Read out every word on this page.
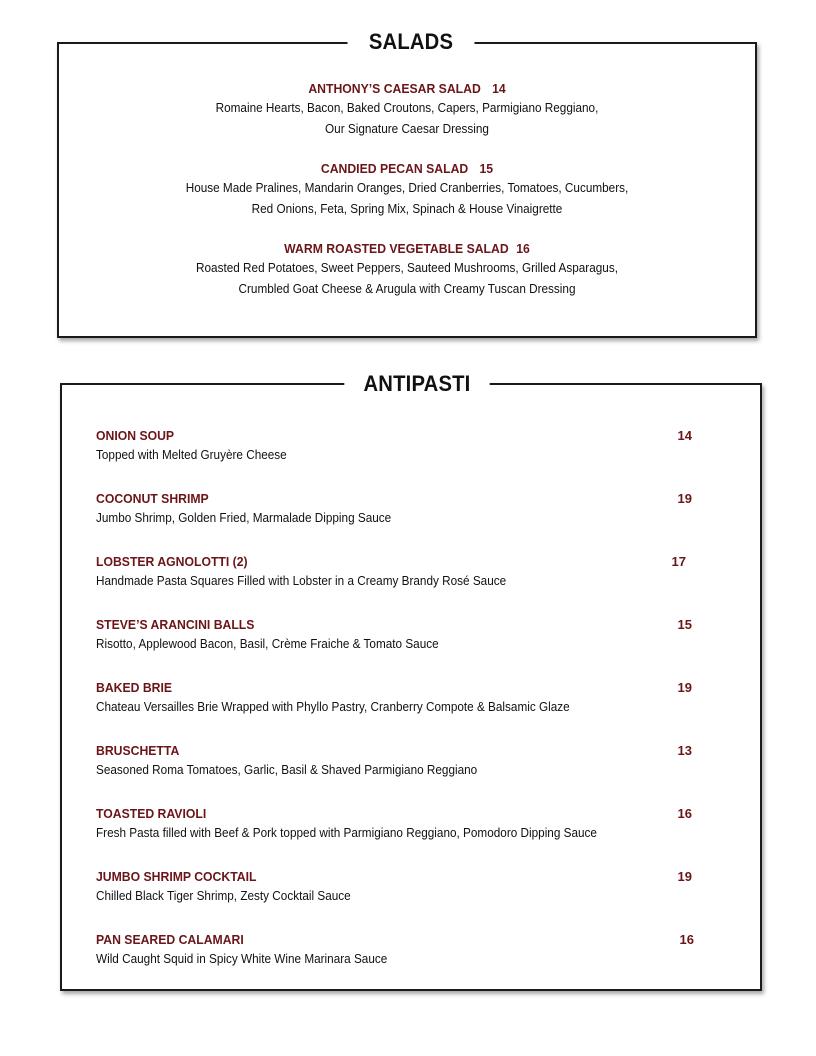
ANTHONY’S CAESAR SALAD 14
Romaine Hearts, Bacon, Baked Croutons, Capers, Parmigiano Reggiano,
Our Signature Caesar Dressing
CANDIED PECAN SALAD 15
House Made Pralines, Mandarin Oranges, Dried Cranberries, Tomatoes, Cucumbers,
Red Onions, Feta, Spring Mix, Spinach & House Vinaigrette
WARM ROASTED VEGETABLE SALAD 16
Roasted Red Potatoes, Sweet Peppers, Sauteed Mushrooms, Grilled Asparagus,
Crumbled Goat Cheese & Arugula with Creamy Tuscan Dressing
SALADS
ONION SOUP	14
Topped with Melted Gruyère Cheese
COCONUT SHRIMP	19
Jumbo Shrimp, Golden Fried, Marmalade Dipping Sauce
LOBSTER AGNOLOTTI (2)	17
Handmade Pasta Squares Filled with Lobster in a Creamy Brandy Rosé Sauce
STEVE’S ARANCINI BALLS	15
Risotto, Applewood Bacon, Basil, Crème Fraiche & Tomato Sauce
BAKED BRIE	19
Chateau Versailles Brie Wrapped with Phyllo Pastry, Cranberry Compote & Balsamic Glaze
BRUSCHETTA	13
Seasoned Roma Tomatoes, Garlic, Basil & Shaved Parmigiano Reggiano
TOASTED RAVIOLI	16
Fresh Pasta filled with Beef & Pork topped with Parmigiano Reggiano, Pomodoro Dipping Sauce
JUMBO SHRIMP COCKTAIL	19
Chilled Black Tiger Shrimp, Zesty Cocktail Sauce
PAN SEARED CALAMARI	16
Wild Caught Squid in Spicy White Wine Marinara Sauce
ANTIPASTI
